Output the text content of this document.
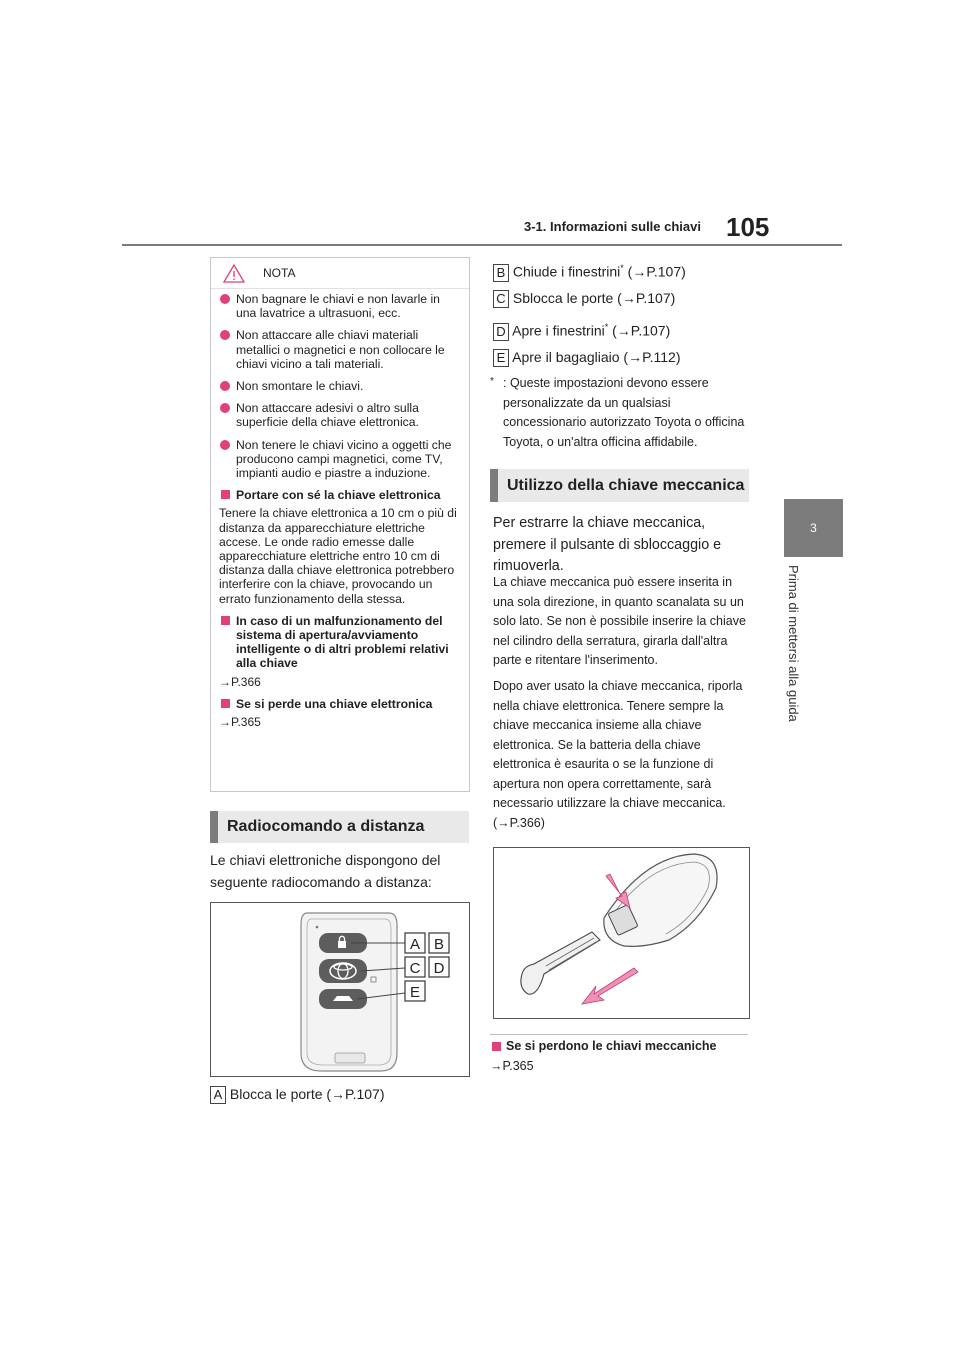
3-1. Informazioni sulle chiavi 105
3
Prima di mettersi alla guida
NOTA
Non bagnare le chiavi e non lavarle in una lavatrice a ultrasuoni, ecc.
Non attaccare alle chiavi materiali metallici o magnetici e non collocare le chiavi vicino a tali materiali.
Non smontare le chiavi.
Non attaccare adesivi o altro sulla superficie della chiave elettronica.
Non tenere le chiavi vicino a oggetti che producono campi magnetici, come TV, impianti audio e piastre a induzione.
Portare con sé la chiave elettronica
Tenere la chiave elettronica a 10 cm o più di distanza da apparecchiature elettriche accese. Le onde radio emesse dalle apparecchiature elettriche entro 10 cm di distanza dalla chiave elettronica potrebbero interferire con la chiave, provocando un errato funzionamento della stessa.
In caso di un malfunzionamento del sistema di apertura/avviamento intelligente o di altri problemi relativi alla chiave
→P.366
Se si perde una chiave elettronica
→P.365
Radiocomando a distanza
Le chiavi elettroniche dispongono del seguente radiocomando a distanza:
A B
C D
E
A Blocca le porte (→P.107)
B Chiude i finestrini* (→P.107)
C Sblocca le porte (→P.107)
D Apre i finestrini* (→P.107)
E Apre il bagagliaio (→P.112)
* : Queste impostazioni devono essere personalizzate da un qualsiasi concessionario autorizzato Toyota o officina Toyota, o un'altra officina affidabile.
Utilizzo della chiave meccanica
Per estrarre la chiave meccanica, premere il pulsante di sbloccaggio e rimuoverla.
La chiave meccanica può essere inserita in una sola direzione, in quanto scanalata su un solo lato. Se non è possibile inserire la chiave nel cilindro della serratura, girarla dall'altra parte e ritentare l'inserimento.
Dopo aver usato la chiave meccanica, riporla nella chiave elettronica. Tenere sempre la chiave meccanica insieme alla chiave elettronica. Se la batteria della chiave elettronica è esaurita o se la funzione di apertura non opera correttamente, sarà necessario utilizzare la chiave meccanica. (→P.366)
Se si perdono le chiavi meccaniche
→P.365
